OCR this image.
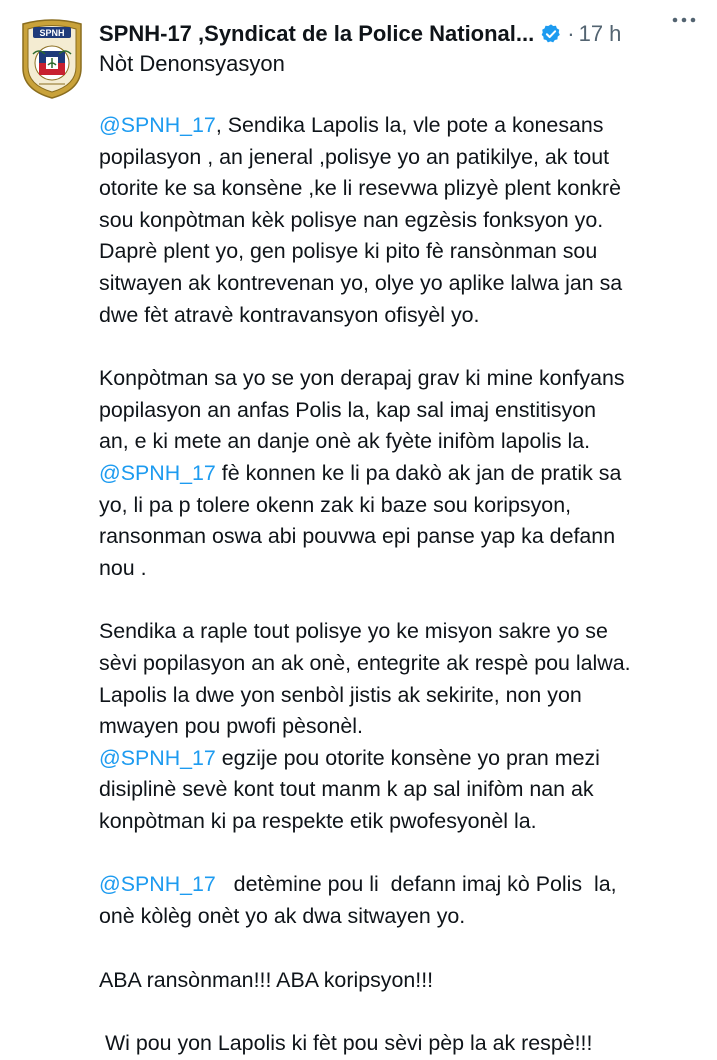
SPNH SPNH-17 ,Syndicat de la Police National... · 17 h
Nòt Denonsyasyon
@SPNH_17, Sendika Lapolis la, vle pote a konesans
popilasyon , an jeneral ,polisye yo an patikilye, ak tout
otorite ke sa konsène ,ke li resevwa plizyè plent konkrè
sou konpòtman kèk polisye nan egzèsis fonksyon yo.
Daprè plent yo, gen polisye ki pito fè ransònman sou
sitwayen ak kontrevenan yo, olye yo aplike lalwa jan sa
dwe fèt atravè kontravansyon ofisyèl yo.
Konpòtman sa yo se yon derapaj grav ki mine konfyans
popilasyon an anfas Polis la, kap sal imaj enstitisyon
an, e ki mete an danje onè ak fyète inifòm lapolis la.
@SPNH_17 fè konnen ke li pa dakò ak jan de pratik sa
yo, li pa p tolere okenn zak ki baze sou koripsyon,
ransonman oswa abi pouvwa epi panse yap ka defann
nou .
Sendika a raple tout polisye yo ke misyon sakre yo se
sèvi popilasyon an ak onè, entegrite ak respè pou lalwa.
Lapolis la dwe yon senbòl jistis ak sekirite, non yon
mwayen pou pwofi pèsonèl.
@SPNH_17 egzije pou otorite konsène yo pran mezi
disiplinè sevè kont tout manm k ap sal inifòm nan ak
konpòtman ki pa respekte etik pwofesyonèl la.
@SPNH_17   detèmine pou li  defann imaj kò Polis  la,
onè kòlèg onèt yo ak dwa sitwayen yo.
ABA ransònman!!! ABA koripsyon!!!
Wi pou yon Lapolis ki fèt pou sèvi pèp la ak respè!!!
